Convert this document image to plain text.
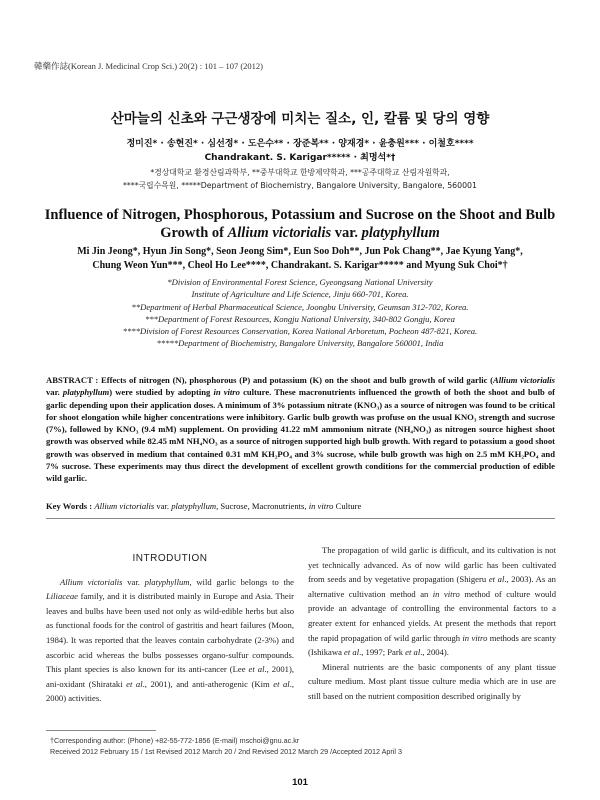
韓藥作誌(Korean J. Medicinal Crop Sci.) 20(2) : 101 – 107 (2012)
산마늘의 신초와 구근생장에 미치는 질소, 인, 칼륨 및 당의 영향
정미진* · 송현진* · 심선정* · 도은수** · 장준복** · 양재경* · 윤충원*** · 이철호****
Chandrakant. S. Karigar***** · 최명석*†
*경상대학교 환경산림과학부, **중부대학교 한방제약학과, ***공주대학교 산림자원학과,
****국립수목원, *****Department of Biochemistry, Bangalore University, Bangalore, 560001
Influence of Nitrogen, Phosphorous, Potassium and Sucrose on the Shoot and Bulb Growth of Allium victorialis var. platyphyllum
Mi Jin Jeong*, Hyun Jin Song*, Seon Jeong Sim*, Eun Soo Doh**, Jun Pok Chang**, Jae Kyung Yang*,
Chung Weon Yun***, Cheol Ho Lee****, Chandrakant. S. Karigar***** and Myung Suk Choi*†
*Division of Environmental Forest Science, Gyeongsang National University
Institute of Agriculture and Life Science, Jinju 660-701, Korea.
**Department of Herbal Pharmaceutical Science, Joongbu University, Geumsan 312-702, Korea.
***Department of Forest Resources, Kongju National University, 340-802 Gongju, Korea
****Division of Forest Resources Conservation, Korea National Arboretum, Pocheon 487-821, Korea.
*****Department of Biochemistry, Bangalore University, Bangalore 560001, India
ABSTRACT : Effects of nitrogen (N), phosphorous (P) and potassium (K) on the shoot and bulb growth of wild garlic (Allium victorialis var. platyphyllum) were studied by adopting in vitro culture. These macronutrients influenced the growth of both the shoot and bulb of garlic depending upon their application doses. A minimum of 3% potassium nitrate (KNO₃) as a source of nitrogen was found to be critical for shoot elongation while higher concentrations were inhibitory. Garlic bulb growth was profuse on the usual KNO₃ strength and sucrose (7%), followed by KNO₃ (9.4 mM) supplement. On providing 41.22 mM ammonium nitrate (NH₄NO₃) as nitrogen source highest shoot growth was observed while 82.45 mM NH₄NO₃ as a source of nitrogen supported high bulb growth. With regard to potassium a good shoot growth was observed in medium that contained 0.31 mM KH₂PO₄ and 3% sucrose, while bulb growth was high on 2.5 mM KH₂PO₄ and 7% sucrose. These experiments may thus direct the development of excellent growth conditions for the commercial production of edible wild garlic.
Key Words : Allium victorialis var. platyphyllum, Sucrose, Macronutrients, in vitro Culture
INTRODUTION

Allium victorialis var. platyphyllum, wild garlic belongs to the Liliaceae family, and it is distributed mainly in Europe and Asia. Their leaves and bulbs have been used not only as wild-edible herbs but also as functional foods for the control of gastritis and heart failures (Moon, 1984). It was reported that the leaves contain carbohydrate (2-3%) and ascorbic acid whereas the bulbs possesses organo-sulfur compounds. This plant species is also known for its anti-cancer (Lee et al., 2001), ani-oxidant (Shirataki et al., 2001), and anti-atherogenic (Kim et al., 2000) activities.

The propagation of wild garlic is difficult, and its cultivation is not yet technically advanced. As of now wild garlic has been cultivated from seeds and by vegetative propagation (Shigeru et al., 2003). As an alternative cultivation method an in vitro method of culture would provide an advantage of controlling the environmental factors to a greater extent for enhanced yields. At present the methods that report the rapid propagation of wild garlic through in vitro methods are scanty (Ishikawa et al., 1997; Park et al., 2004).

Mineral nutrients are the basic components of any plant tissue culture medium. Most plant tissue culture media which are in use are still based on the nutrient composition described originally by

†Corresponding author: (Phone) +82-55-772-1856 (E-mail) mschoi@gnu.ac.kr
Received 2012 February 15 / 1st Revised 2012 March 20 / 2nd Revised 2012 March 29 /Accepted 2012 April 3
101
